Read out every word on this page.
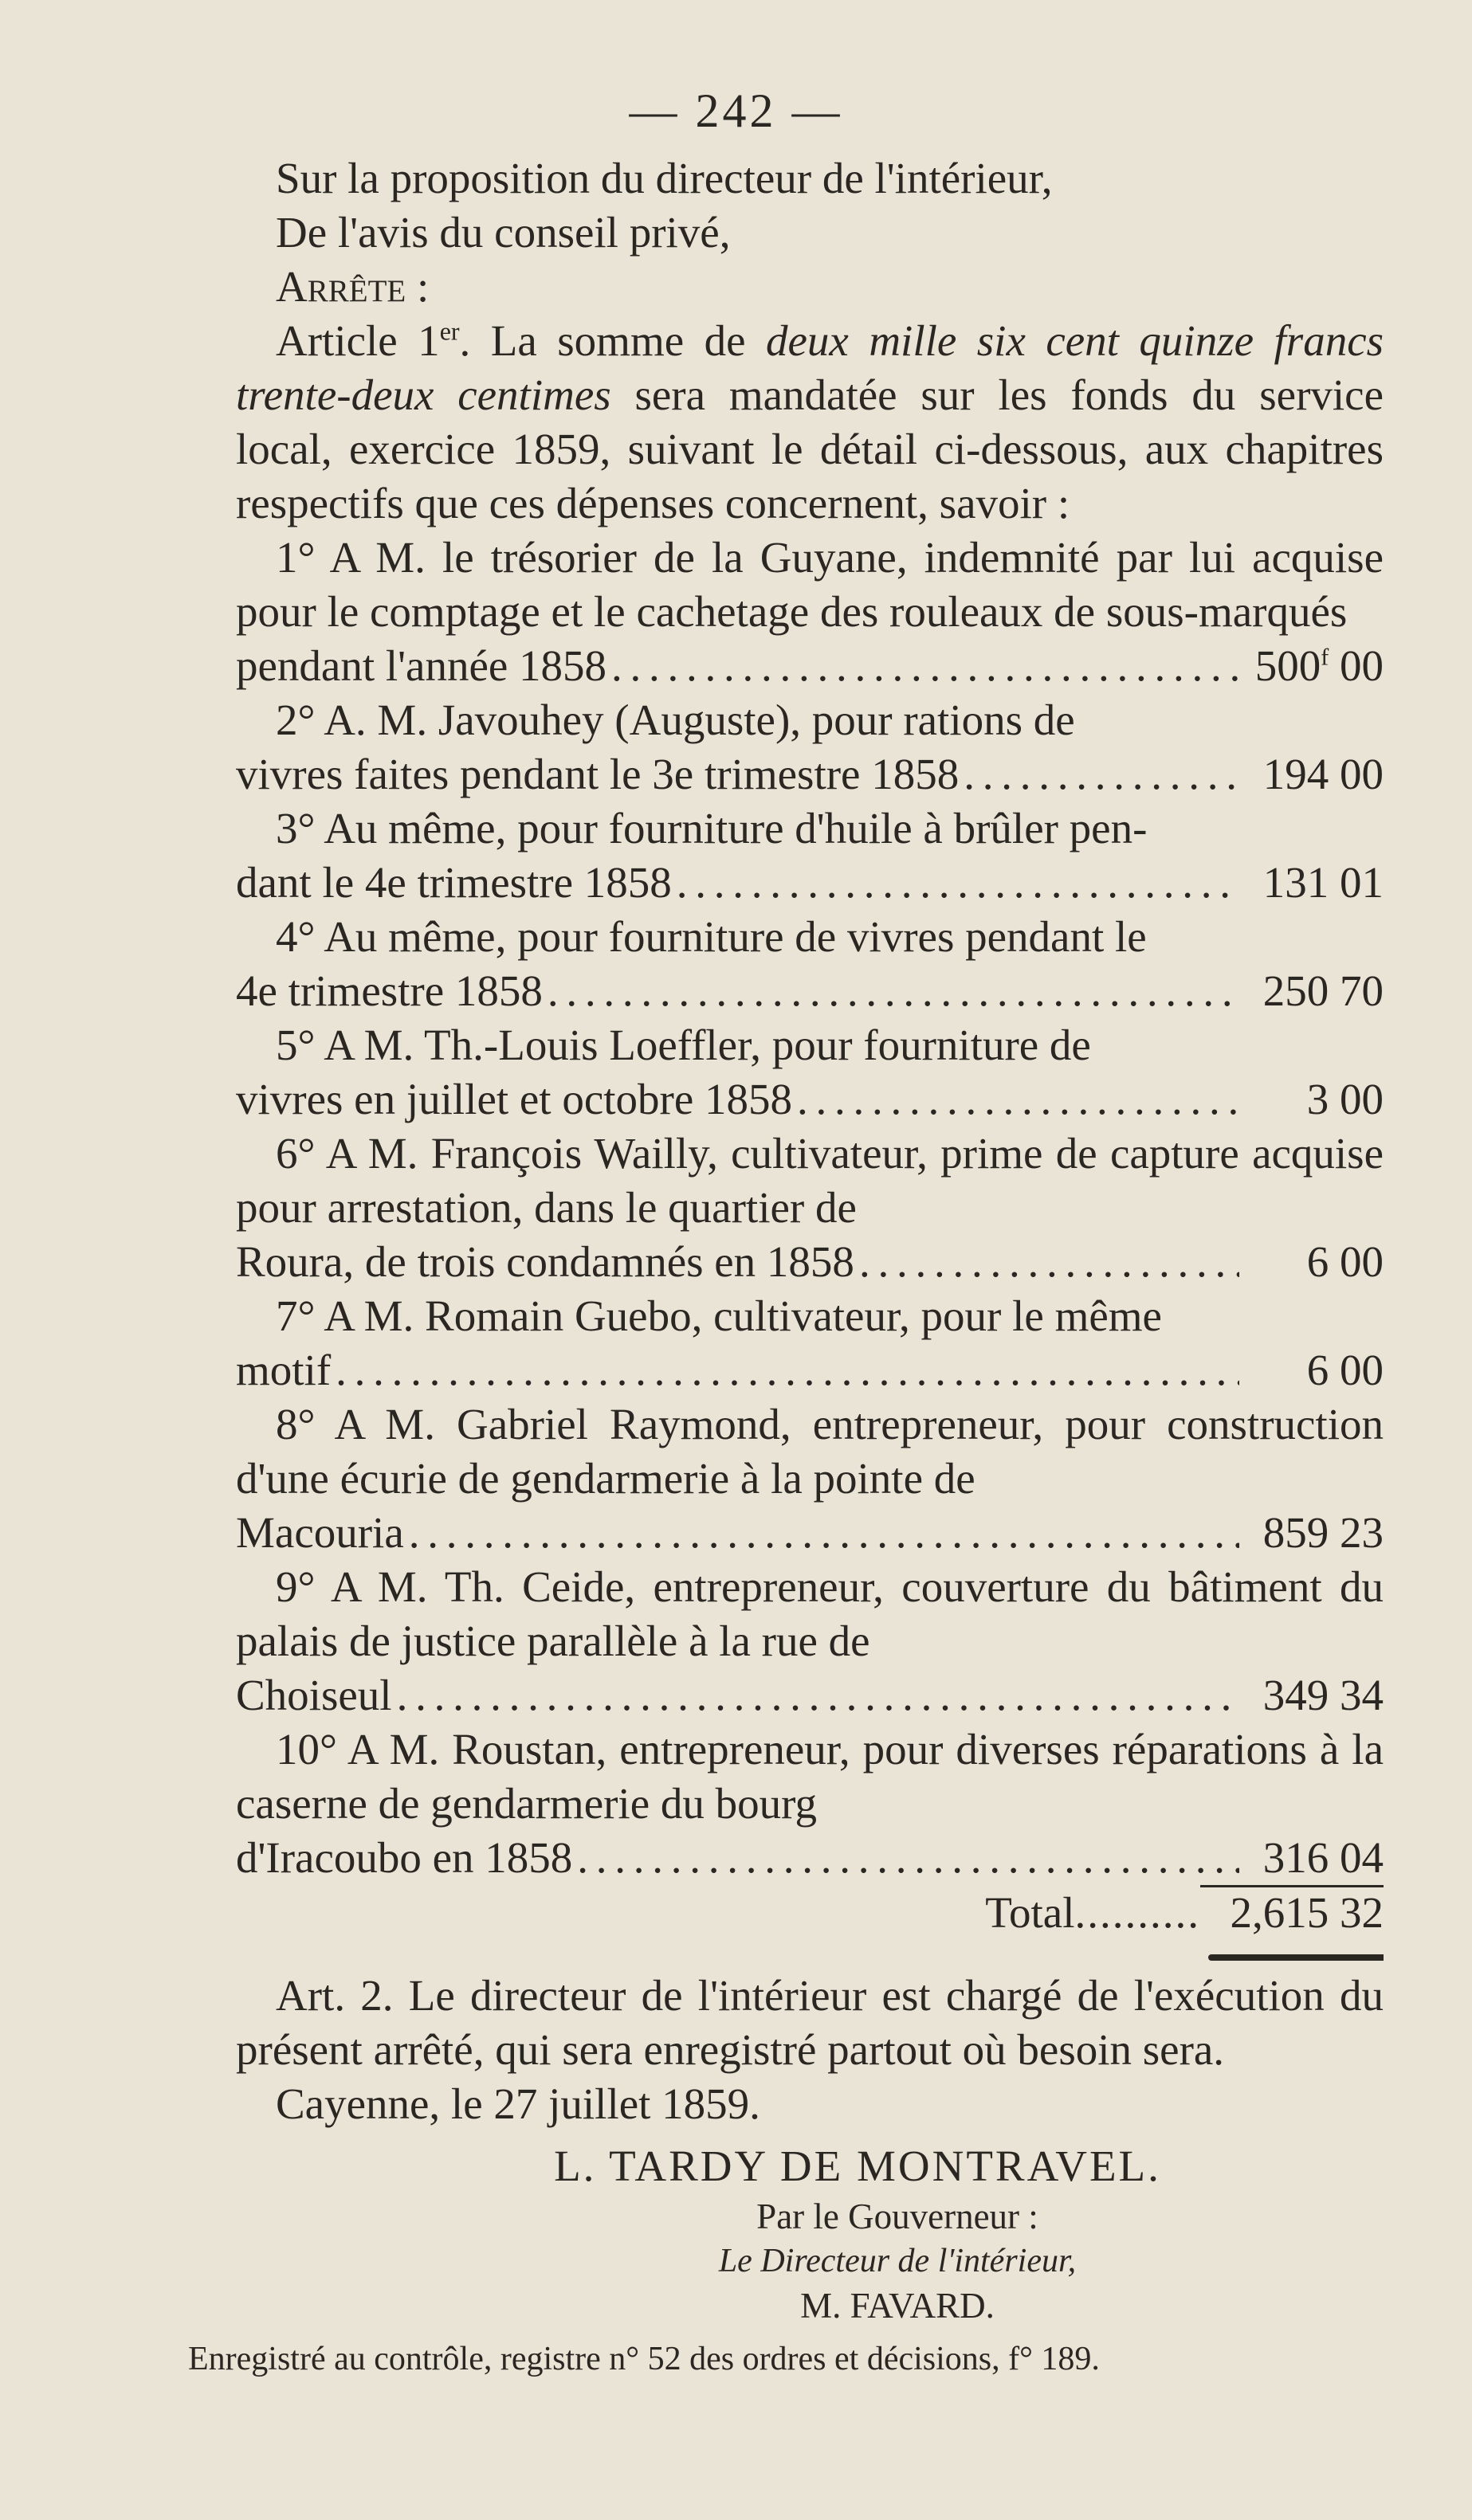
— 242 —

Sur la proposition du directeur de l'intérieur,

De l'avis du conseil privé,

Arrête :

Article 1er. La somme de deux mille six cent quinze francs trente-deux centimes sera mandatée sur les fonds du service local, exercice 1859, suivant le détail ci-dessous, aux chapitres respectifs que ces dépenses concernent, savoir :

1° A M. le trésorier de la Guyane, indemnité par lui acquise pour le comptage et le cachetage des rouleaux de sous-marqués

pendant l'année 1858 . . .	500$^f$ 00

2° A. M. Javouhey (Auguste), pour rations de

vivres faites pendant le 3e trimestre 1858 . . .	194 00

3° Au même, pour fourniture d'huile à brûler pen-

dant le 4e trimestre 1858 . . .	131 01

4° Au même, pour fourniture de vivres pendant le

4e trimestre 1858 . . .	250 70

5° A M. Th.-Louis Loeffler, pour fourniture de

vivres en juillet et octobre 1858 . . .	3 00

6° A M. François Wailly, cultivateur, prime de capture acquise pour arrestation, dans le quartier de

Roura, de trois condamnés en 1858 . . .	6 00

7° A M. Romain Guebo, cultivateur, pour le même

motif . . .	6 00

8° A M. Gabriel Raymond, entrepreneur, pour construction d'une écurie de gendarmerie à la pointe de

Macouria . . .	859 23

9° A M. Th. Ceide, entrepreneur, couverture du bâtiment du palais de justice parallèle à la rue de

Choiseul . . .	349 34

10° A M. Roustan, entrepreneur, pour diverses réparations à la caserne de gendarmerie du bourg

d'Iracoubo en 1858 . . .	316 04
Total .......... 2,615 32

Art. 2. Le directeur de l'intérieur est chargé de l'exécution du présent arrêté, qui sera enregistré partout où besoin sera.

Cayenne, le 27 juillet 1859.

L. TARDY DE MONTRAVEL.
Par le Gouverneur :
Le Directeur de l'intérieur,
M. FAVARD.

Enregistré au contrôle, registre n° 52 des ordres et décisions, f° 189.
